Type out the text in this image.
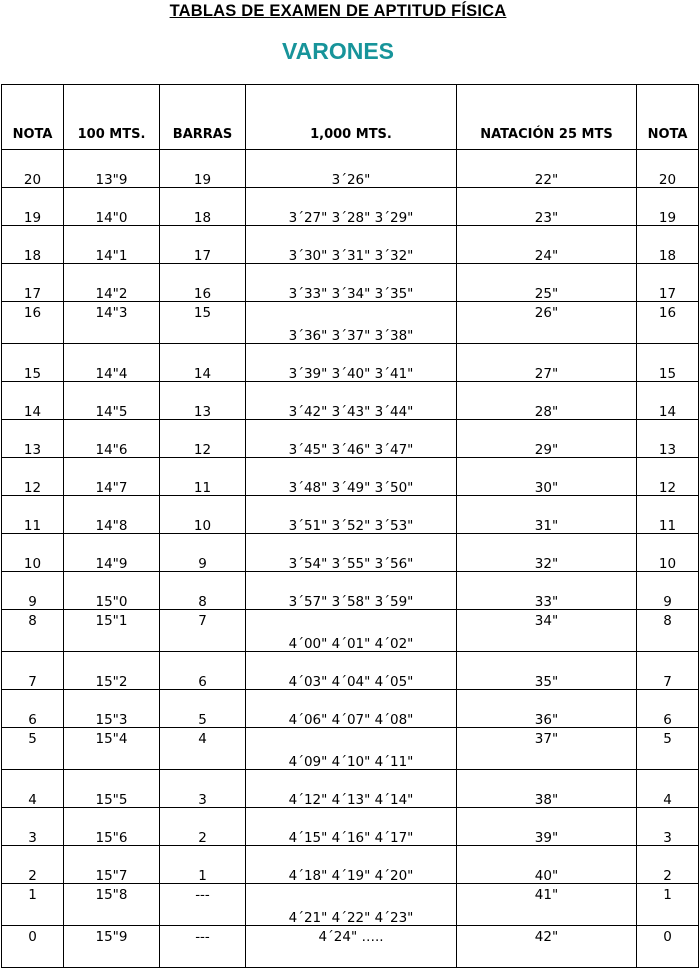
TABLAS DE EXAMEN DE APTITUD FÍSICA
VARONES
NOTA	100 MTS.	BARRAS	1,000 MTS.	NATACIÓN 25 MTS	NOTA
20	13"9	19	3´26"	22"	20
19	14"0	18	3´27" 3´28" 3´29"	23"	19
18	14"1	17	3´30" 3´31" 3´32"	24"	18
17	14"2	16	3´33" 3´34" 3´35"	25"	17
16	14"3	15	3´36" 3´37" 3´38"	26"	16
15	14"4	14	3´39" 3´40" 3´41"	27"	15
14	14"5	13	3´42" 3´43" 3´44"	28"	14
13	14"6	12	3´45" 3´46" 3´47"	29"	13
12	14"7	11	3´48" 3´49" 3´50"	30"	12
11	14"8	10	3´51" 3´52" 3´53"	31"	11
10	14"9	9	3´54" 3´55" 3´56"	32"	10
9	15"0	8	3´57" 3´58" 3´59"	33"	9
8	15"1	7	4´00" 4´01" 4´02"	34"	8
7	15"2	6	4´03" 4´04" 4´05"	35"	7
6	15"3	5	4´06" 4´07" 4´08"	36"	6
5	15"4	4	4´09" 4´10" 4´11"	37"	5
4	15"5	3	4´12" 4´13" 4´14"	38"	4
3	15"6	2	4´15" 4´16" 4´17"	39"	3
2	15"7	1	4´18" 4´19" 4´20"	40"	2
1	15"8	---	4´21" 4´22" 4´23"	41"	1
0	15"9	---	4´24" …..	42"	0
